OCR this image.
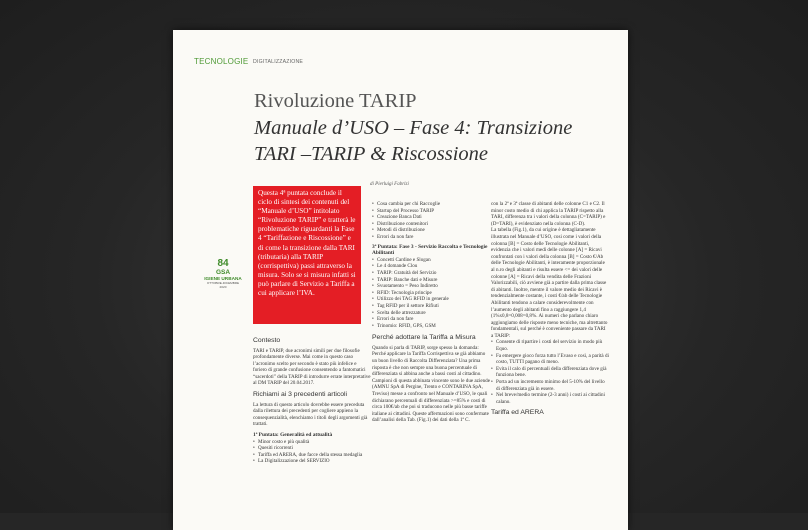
TECNOLOGIE DIGITALIZZAZIONE
Rivoluzione TARIP
Manuale d’USO – Fase 4: Transizione
TARI –TARIP & Riscossione
di Pierluigi Fabrizi
Questa 4ª puntata conclude il ciclo di sintesi dei contenuti del “Manuale d’USO” intitolato “Rivoluzione TARIP” e tratterà le problematiche riguardanti la Fase 4 “Tariffazione e Riscossione” e di come la transizione dalla TARI (tributaria) alla TARIP (corrispettiva) passi attraverso la misura. Solo se si misura infatti si può parlare di Servizio a Tariffa a cui applicare l’IVA.
84
GSA
IGIENE URBANA
OTTOBRE-DICEMBRE 2020
Contesto

TARI e TARIP, due acronimi simili per due filosofie profondamente diverse. Mai come in questo caso l’acronimo scelto per secondo è stato più infelice e foriero di grande confusione consentendo a fantomatici “sacerdoti” della TARIP di introdurre errate interpretative al DM TARIP del 20.04.2017.

Richiami ai 3 precedenti articoli

La lettura di questo articolo dovrebbe essere preceduta dalla rilettura dei precedenti per cogliere appieno la consequenzialità, elenchiamo i titoli degli argomenti già trattati.

1ª Puntata: Generalità ed attualità
• Minor costo e più qualità
• Quesiti ricorrenti
• Tariffa ed ARERA, due facce della stessa medaglia
• La Digitalizzazione del SERVIZIO
• Cosa cambia per chi Raccoglie
• Startup del Processo TARIP
• Creazione Banca Dati
• Distribuzione contenitori
• Metodi di distribuzione
• Errori da non fare
3ª Puntata: Fase 3 - Servizio Raccolta e Tecnologie Abilitanti
• Concetti Cardine e Slogan
• Le 4 domande Clou
• TARIP: Gratuità del Servizio
• TARIP: Banche dati e Misure
• Svuotamento = Peso Indiretto
• RFID: Tecnologia principe
• Utilizzo dei TAG RFID in generale
• Tag RFID per il settore Rifiuti
• Scelta delle attrezzature
• Errori da non fare
• Trinomio: RFID, GPS, GSM
Perché adottare la Tariffa a Misura

Quando si parla di TARIP, sorge spesso la domanda: Perché applicare la Tariffa Corrispettiva se già abbiamo un buon livello di Raccolta Differenziata? Una prima risposta è che non sempre una buona percentuale di differenziata si abbina anche a bassi costi al cittadino. Campioni di questa abbinata vincente sono le due aziende (AMNU SpA di Pergine, Trento e CONTARINA SpA, Treviso) messe a confronto nel Manuale d’USO, le quali dichiarano percentuali di differenziata >=85% e costi di circa 100€/ab che poi si traducono nelle più basse tariffe italiane ai cittadini. Queste affermazioni sono confermate dall’analisi della Tab. (Fig.1) dei dati della 1ª C.

con la 2ª e 3ª classe di abitanti delle colonne C1 e C2. Il minor costo medio di chi applica la TARIP rispetto alla TARI, differenza tra i valori della colonna (C=TARIP) e (D=TARI), è evidenziato nella colonna (C-D).

La tabella (Fig.1), da cui origine è dettagliatamente illustrata nel Manuale d’USO, cosi come i valori della colonna [B] = Costo delle Tecnologie Abilitanti, evidenzia che i valori medi delle colonne [A] = Ricavi confrontati con i valori della colonna [B] = Costo €/Ab delle Tecnologie Abilitanti, è interamente proporzionale al n.ro degli abitanti e risulta essere <= dei valori delle colonne [A] = Ricavi della vendita delle Frazioni Valorizzabili, ciò avviene già a partire dalla prima classe di abitanti. Inoltre, mentre il valore medio dei Ricavi è tendenzialmente costante, i costi €/ab delle Tecnologie Abilitanti tendono a calare considerevolmente con l’aumento degli abitanti fino a raggiungere 1,4 (1%x0,8=0,008=0,8%. Ai numeri che parlano chiaro aggiungiamo delle risposte meno tecniche, ma altrettanto fondamentali, sul perché è conveniente passare da TARI a TARIP:

• Consente di ripartire i costi del servizio in modo più Equo.
• Fa emergere gioco forza tutto l’Evaso e così, a parità di costo, TUTTI pagano di meno.
• Evita il calo di percentuali della differenziata dove già funziona bene.
• Porta ad un incremento minimo del 5-10% del livello di differenziata già in essere.
• Nel breve/medio termine (2-3 anni) i costi ai cittadini calano.
Tariffa ed ARERA
